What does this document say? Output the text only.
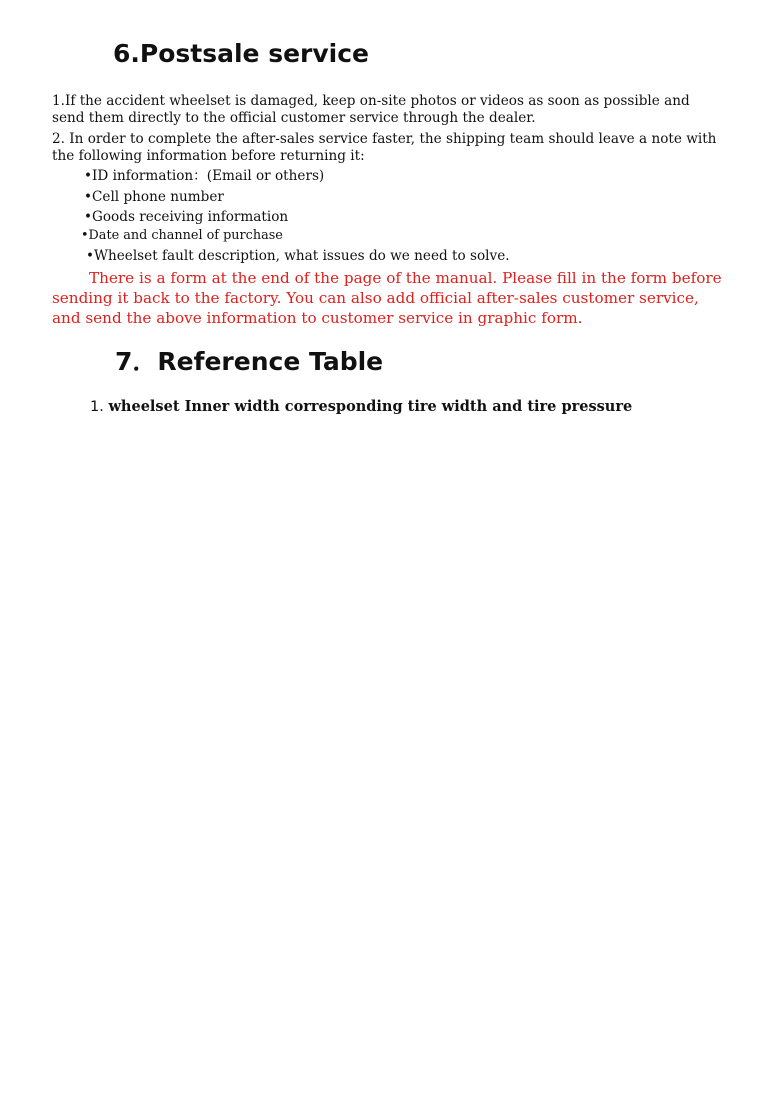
6.Postsale service

1.If the accident wheelset is damaged, keep on-site photos or videos as soon as possible and send them directly to the official customer service through the dealer.

2. In order to complete the after-sales service faster, the shipping team should leave a note with the following information before returning it:

•ID information：(Email or others)

•Cell phone number

•Goods receiving information

•Date and channel of purchase

•Wheelset fault description, what issues do we need to solve.

There is a form at the end of the page of the manual. Please fill in the form before sending it back to the factory. You can also add official after-sales customer service, and send the above information to customer service in graphic form.

7．Reference Table

1. wheelset Inner width corresponding tire width and tire pressure
